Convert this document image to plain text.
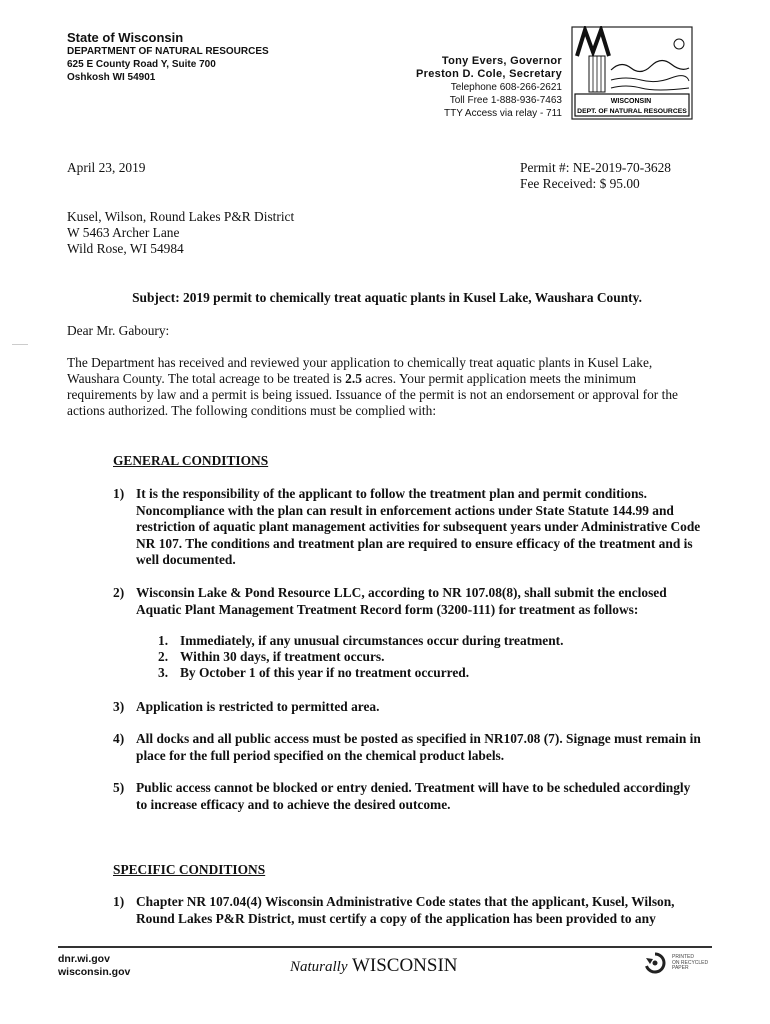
State of Wisconsin
DEPARTMENT OF NATURAL RESOURCES
625 E County Road Y, Suite 700
Oshkosh WI 54901
Tony Evers, Governor
Preston D. Cole, Secretary
Telephone 608-266-2621
Toll Free 1-888-936-7463
TTY Access via relay - 711
WISCONSIN
DEPT. OF NATURAL RESOURCES
April 23, 2019	Permit #: NE-2019-70-3628
Fee Received: $ 95.00
Kusel, Wilson, Round Lakes P&R District
W 5463 Archer Lane
Wild Rose, WI 54984
Subject: 2019 permit to chemically treat aquatic plants in Kusel Lake, Waushara County.
Dear Mr. Gaboury:
The Department has received and reviewed your application to chemically treat aquatic plants in Kusel Lake, Waushara County. The total acreage to be treated is 2.5 acres. Your permit application meets the minimum requirements by law and a permit is being issued. Issuance of the permit is not an endorsement or approval for the actions authorized. The following conditions must be complied with:
GENERAL CONDITIONS
1) It is the responsibility of the applicant to follow the treatment plan and permit conditions. Noncompliance with the plan can result in enforcement actions under State Statute 144.99 and restriction of aquatic plant management activities for subsequent years under Administrative Code NR 107. The conditions and treatment plan are required to ensure efficacy of the treatment and is well documented.
2) Wisconsin Lake & Pond Resource LLC, according to NR 107.08(8), shall submit the enclosed Aquatic Plant Management Treatment Record form (3200-111) for treatment as follows:
1. Immediately, if any unusual circumstances occur during treatment.
2. Within 30 days, if treatment occurs.
3. By October 1 of this year if no treatment occurred.
3) Application is restricted to permitted area.
4) All docks and all public access must be posted as specified in NR107.08 (7). Signage must remain in place for the full period specified on the chemical product labels.
5) Public access cannot be blocked or entry denied. Treatment will have to be scheduled accordingly to increase efficacy and to achieve the desired outcome.
SPECIFIC CONDITIONS
1) Chapter NR 107.04(4) Wisconsin Administrative Code states that the applicant, Kusel, Wilson, Round Lakes P&R District, must certify a copy of the application has been provided to any
dnr.wi.gov
wisconsin.gov	Naturally WISCONSIN	PRINTED
ON RECYCLED
PAPER
